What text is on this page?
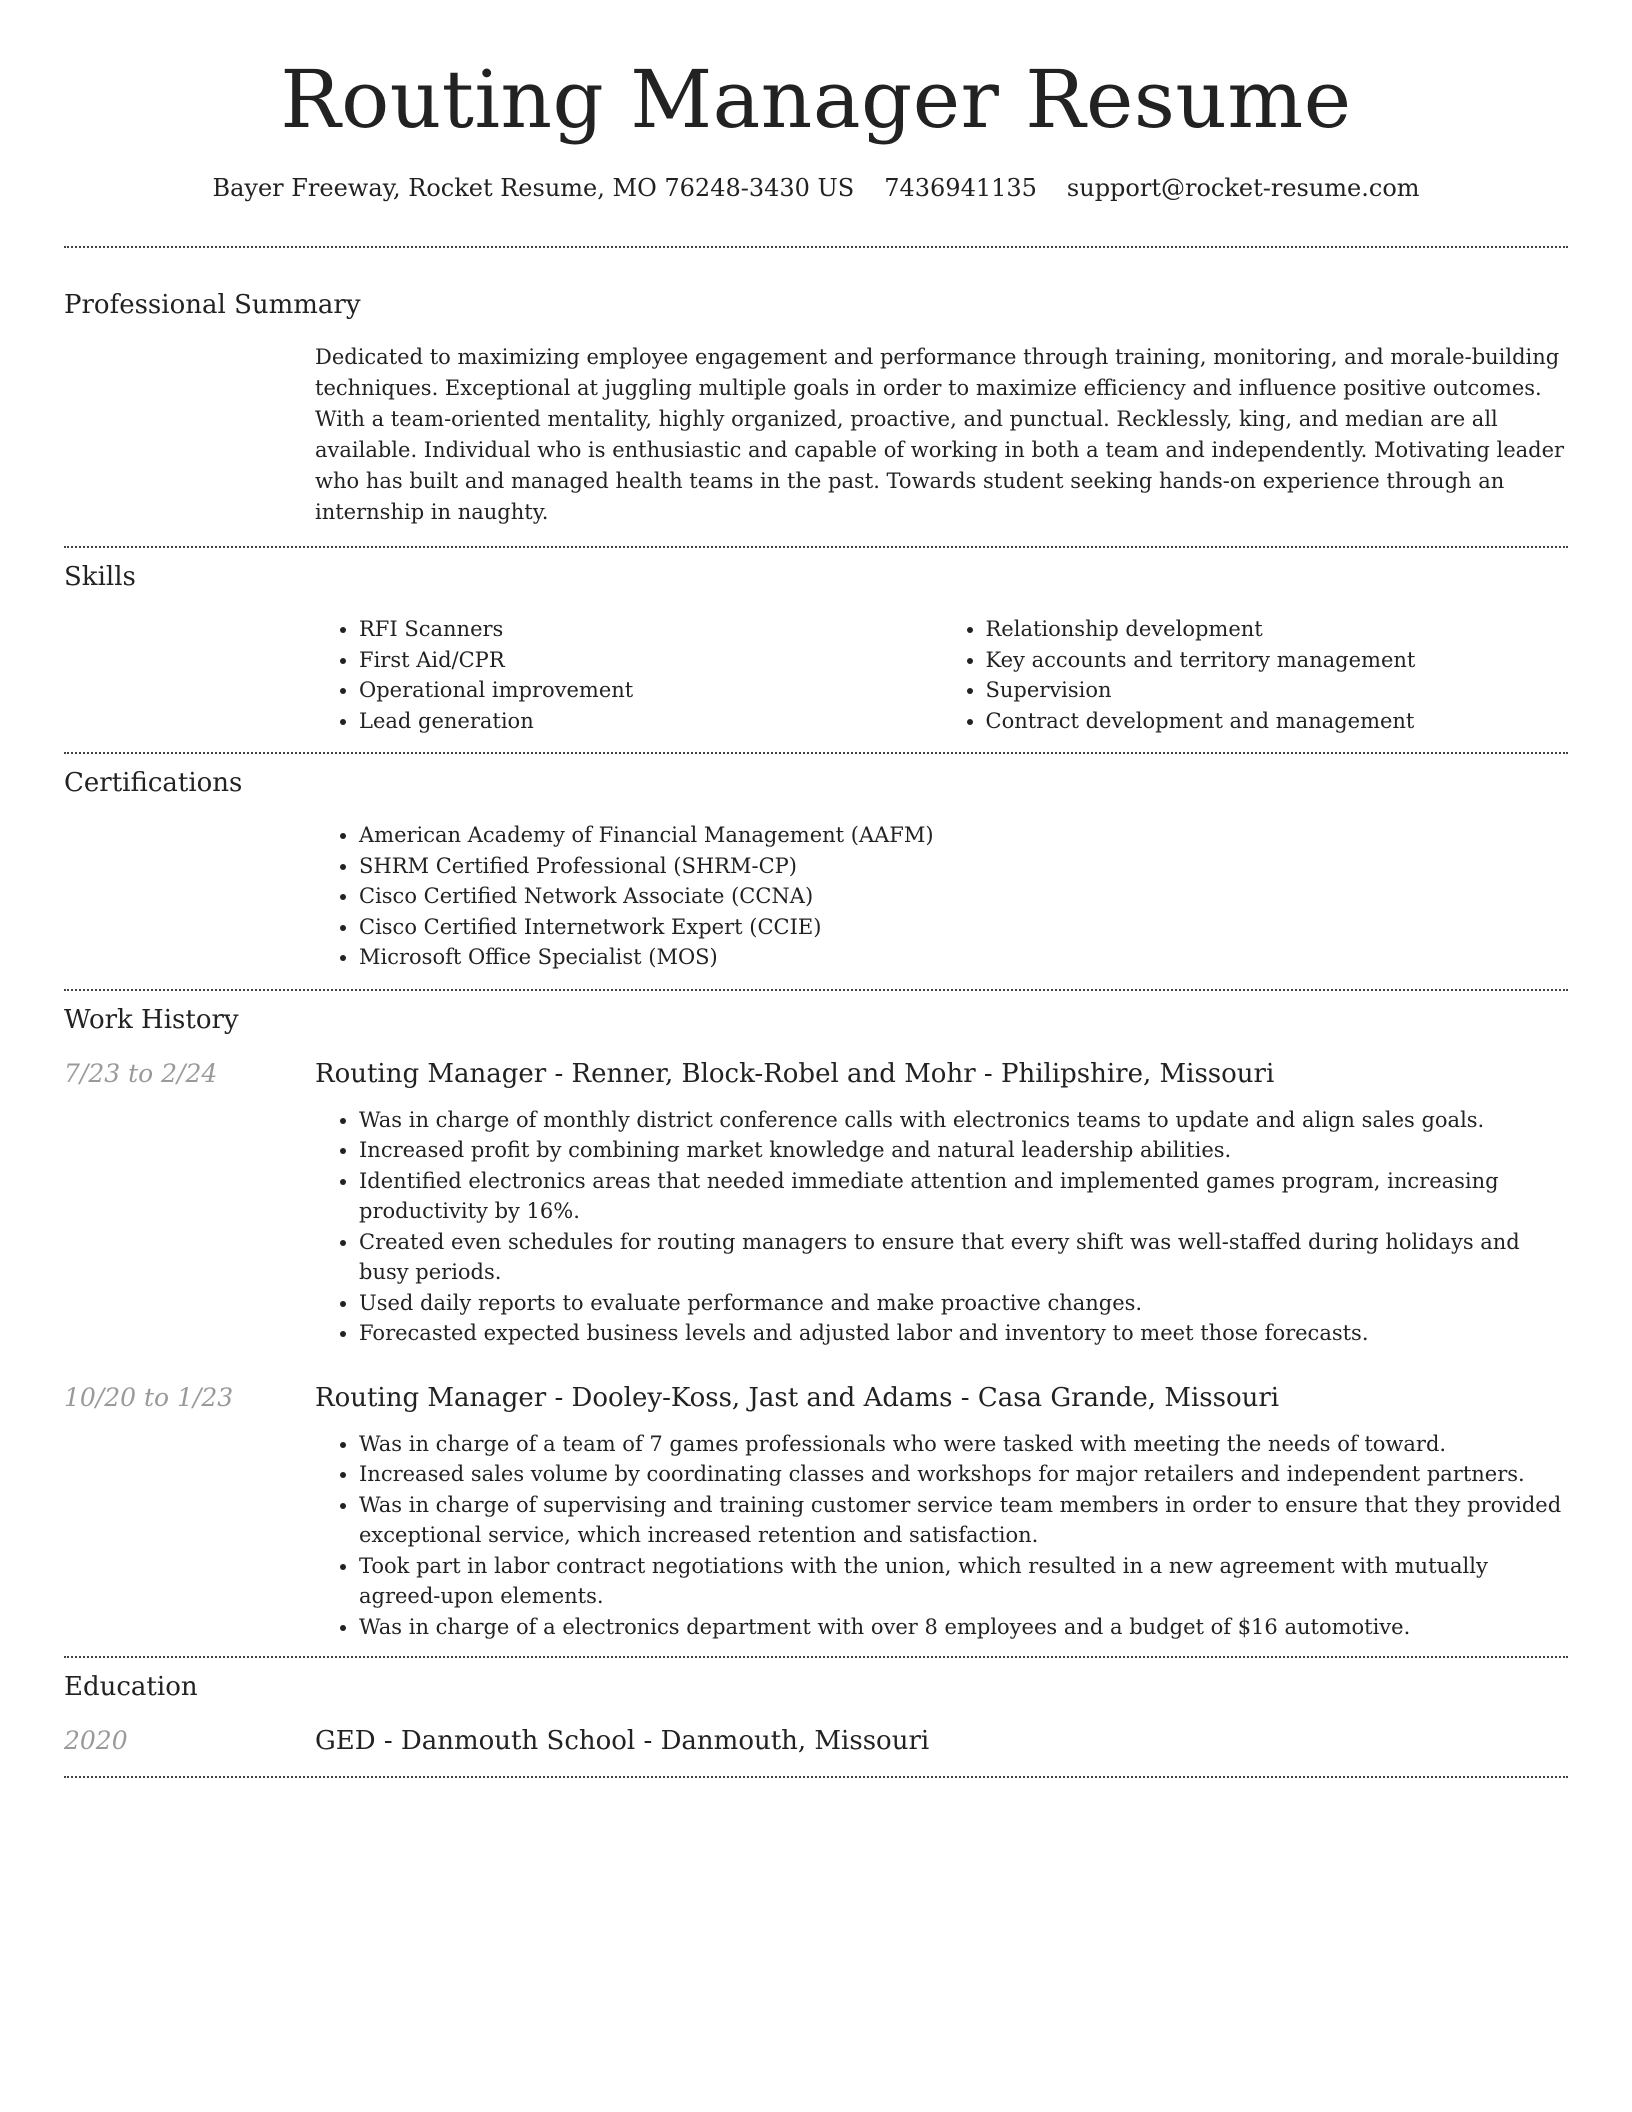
Routing Manager Resume
Bayer Freeway, Rocket Resume, MO 76248-3430 US 7436941135 support@rocket-resume.com
Professional Summary

Dedicated to maximizing employee engagement and performance through training, monitoring, and morale-building techniques. Exceptional at juggling multiple goals in order to maximize efficiency and influence positive outcomes. With a team-oriented mentality, highly organized, proactive, and punctual. Recklessly, king, and median are all available. Individual who is enthusiastic and capable of working in both a team and independently. Motivating leader who has built and managed health teams in the past. Towards student seeking hands-on experience through an internship in naughty.

Skills
• RFI Scanners
• First Aid/CPR
• Operational improvement
• Lead generation
• Relationship development
• Key accounts and territory management
• Supervision
• Contract development and management
Certifications
• American Academy of Financial Management (AAFM)
• SHRM Certified Professional (SHRM-CP)
• Cisco Certified Network Associate (CCNA)
• Cisco Certified Internetwork Expert (CCIE)
• Microsoft Office Specialist (MOS)
Work History
7/23 to 2/24	Routing Manager - Renner, Block-Robel and Mohr - Philipshire, Missouri
• Was in charge of monthly district conference calls with electronics teams to update and align sales goals.
• Increased profit by combining market knowledge and natural leadership abilities.
• Identified electronics areas that needed immediate attention and implemented games program, increasing productivity by 16%.
• Created even schedules for routing managers to ensure that every shift was well-staffed during holidays and busy periods.
• Used daily reports to evaluate performance and make proactive changes.
• Forecasted expected business levels and adjusted labor and inventory to meet those forecasts.
10/20 to 1/23	Routing Manager - Dooley-Koss, Jast and Adams - Casa Grande, Missouri
• Was in charge of a team of 7 games professionals who were tasked with meeting the needs of toward.
• Increased sales volume by coordinating classes and workshops for major retailers and independent partners.
• Was in charge of supervising and training customer service team members in order to ensure that they provided exceptional service, which increased retention and satisfaction.
• Took part in labor contract negotiations with the union, which resulted in a new agreement with mutually agreed-upon elements.
• Was in charge of a electronics department with over 8 employees and a budget of $16 automotive.
Education
2020	GED - Danmouth School - Danmouth, Missouri
